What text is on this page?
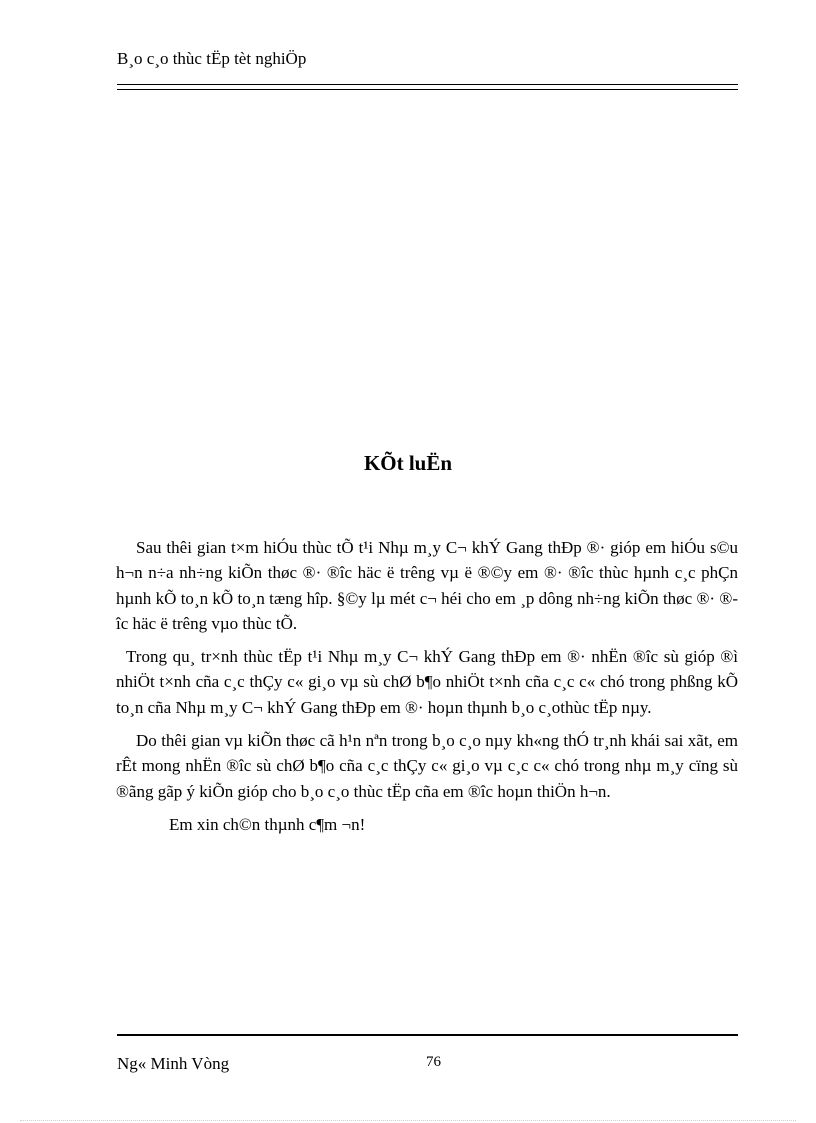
B¸o c¸o thùc tËp tèt nghiÖp
KÕt luËn

Sau thêi gian t×m hiÓu thùc tÕ t¹i Nhµ m¸y C¬ khÝ Gang thÐp ®· gióp em hiÓu s©u h¬n n÷a nh÷ng kiÕn thøc ®· ®îc häc ë trêng vµ ë ®©y em ®· ®îc thùc hµnh c¸c phÇn hµnh kÕ to¸n kÕ to¸n tæng hîp. §©y lµ mét c¬ héi cho em ¸p dông nh÷ng kiÕn thøc ®· ®îc häc ë trêng vµo thùc tÕ.

Trong qu¸ tr×nh thùc tËp t¹i Nhµ m¸y C¬ khÝ Gang thÐp em ®· nhËn ®îc sù gióp ®ì nhiÖt t×nh cña c¸c thÇy c« gi¸o vµ sù chØ b¶o nhiÖt t×nh cña c¸c c« chó trong phßng kÕ to¸n cña Nhµ m¸y C¬ khÝ Gang thÐp em ®· hoµn thµnh b¸o c¸othùc tËp nµy.

Do thêi gian vµ kiÕn thøc cã h¹n nªn trong b¸o c¸o nµy kh«ng thÓ tr¸nh khái sai xãt, em rÊt mong nhËn ®îc sù chØ b¶o cña c¸c thÇy c« gi¸o vµ c¸c c« chó trong nhµ m¸y cïng sù ®ãng gãp ý kiÕn gióp cho b¸o c¸o thùc tËp cña em ®îc hoµn thiÖn h¬n.

Em xin ch©n thµnh c¶m ¬n!

Ng« Minh Vòng	76
